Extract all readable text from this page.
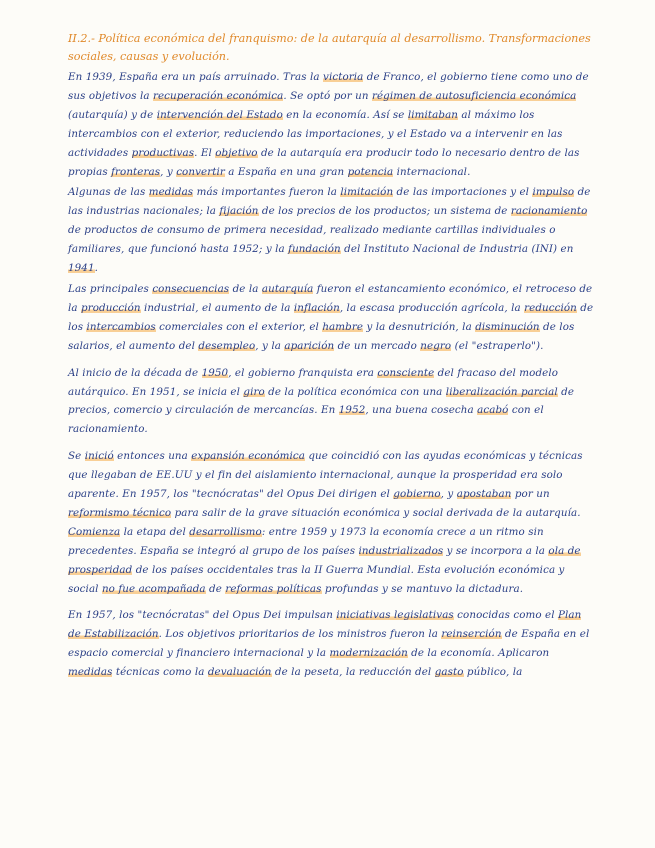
II.2.- Política económica del franquismo: de la autarquía al desarrollismo. Transformaciones sociales, causas y evolución.
En 1939, España era un país arruinado. Tras la victoria de Franco, el gobierno tiene como uno de sus objetivos la recuperación económica. Se optó por un régimen de autosuficiencia económica (autarquía) y de intervención del Estado en la economía. Así se limitaban al máximo los intercambios con el exterior, reduciendo las importaciones, y el Estado va a intervenir en las actividades productivas. El objetivo de la autarquía era producir todo lo necesario dentro de las propias fronteras, y convertir a España en una gran potencia internacional.
Algunas de las medidas más importantes fueron la limitación de las importaciones y el impulso de las industrias nacionales; la fijación de los precios de los productos; un sistema de racionamiento de productos de consumo de primera necesidad, realizado mediante cartillas individuales o familiares, que funcionó hasta 1952; y la fundación del Instituto Nacional de Industria (INI) en 1941.
Las principales consecuencias de la autarquía fueron el estancamiento económico, el retroceso de la producción industrial, el aumento de la inflación, la escasa producción agrícola, la reducción de los intercambios comerciales con el exterior, el hambre y la desnutrición, la disminución de los salarios, el aumento del desempleo, y la aparición de un mercado negro (el "estraperlo").
Al inicio de la década de 1950, el gobierno franquista era consciente del fracaso del modelo autárquico. En 1951, se inicia el giro de la política económica con una liberalización parcial de precios, comercio y circulación de mercancías. En 1952, una buena cosecha acabó con el racionamiento.
Se inició entonces una expansión económica que coincidió con las ayudas económicas y técnicas que llegaban de EE.UU y el fin del aislamiento internacional, aunque la prosperidad era solo aparente. En 1957, los "tecnócratas" del Opus Dei dirigen el gobierno, y apostaban por un reformismo técnico para salir de la grave situación económica y social derivada de la autarquía. Comienza la etapa del desarrollismo: entre 1959 y 1973 la economía crece a un ritmo sin precedentes. España se integró al grupo de los países industrializados y se incorpora a la ola de prosperidad de los países occidentales tras la II Guerra Mundial. Esta evolución económica y social no fue acompañada de reformas políticas profundas y se mantuvo la dictadura.
En 1957, los "tecnócratas" del Opus Dei impulsan iniciativas legislativas conocidas como el Plan de Estabilización. Los objetivos prioritarios de los ministros fueron la reinserción de España en el espacio comercial y financiero internacional y la modernización de la economía. Aplicaron medidas técnicas como la devaluación de la peseta, la reducción del gasto público, la
